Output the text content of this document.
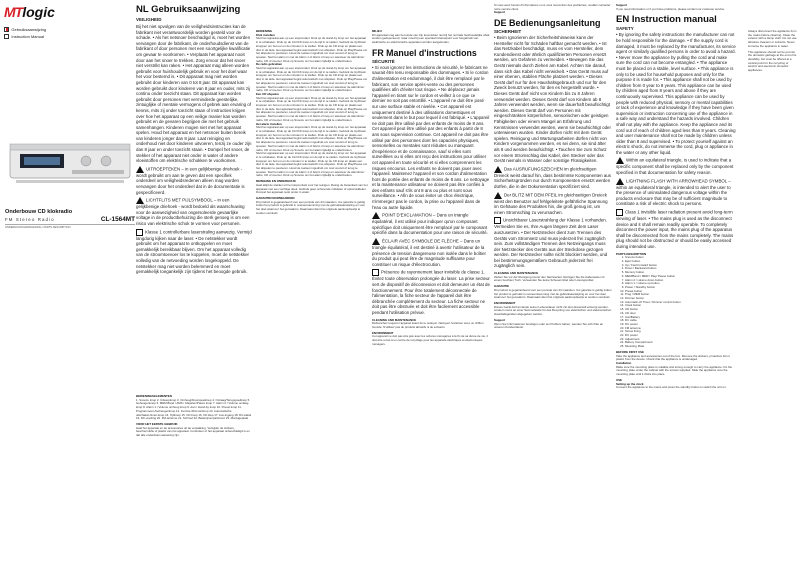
MTlogic
Gebruiksaanwijzing
Instruction Manual
Onderbouw CD klokradio
FM Stereo Radio	CL-1564MT
ONDERHOUDSHANDLEIDING / PARTS DESCRIPTION
NL Gebruiksaanwijzing
VEILIGHEID
Bij het niet opvolgen van de veiligheidsinstructies kan de fabrikant niet verantwoordelijk worden gesteld voor de schade. • Als het netsnoer beschadigd is, moet het worden vervangen door de fabrikant, de onderhoudsdienst van de fabrikant of door personen met een soortgelijke kwalificatie om gevaar te voorkomen. • Verplaats het apparaat nooit door aan het snoer te trekken. Zorg ervoor dat het snoer niet verstrikt kan raken. • Het apparaat mag alleen worden gebruikt voor huishoudelijk gebruik en voor het doel waar het voor bestemd is. • Dit apparaat mag niet worden gebruikt door kinderen van 0 tot 8 jaar. Dit apparaat kan worden gebruikt door kinderen van 8 jaar en ouder, mits zij continu onder toezicht staan. Dit apparaat kan worden gebruikt door personen met verminderde geestelijke, zintuiglijke of mentale vermogens of gebrek aan ervaring of kennis, mits zij onder toezicht staan of instructies krijgen over hoe het apparaat op een veilige manier kan worden gebruikt en de gevaren begrijpen die met het gebruik samenhangen. Kinderen mogen niet met het apparaat spelen. Houd het apparaat en het netsnoer buiten bereik van kinderen jonger dan 8 jaar. Laat reiniging en onderhoud niet door kinderen uitvoeren, tenzij ze ouder zijn dan 8 jaar en onder toezicht staan. • Dompel het snoer, de stekker of het apparaat niet onder in water of andere vloeistoffen om elektrische schokken te voorkomen.
UITROEPTEKEN – in een gelijkbenige driehoek - wordt gebruikt om aan te geven dat een specifiek onderdeel om veiligheidsredenen alleen mag worden vervangen door het onderdeel dat in de documentatie is gespecificeerd.
LICHTFLITS MET PIJLSYMBOOL – in een gelijkbenige driehoek - wordt bedoeld als waarschuwing voor de aanwezigheid van ongeïsoleerde gevaarlijke voltage in de productbehuizing die sterk genoeg is om een risico van elektrische schok te vormen voor personen.
Klasse 1 controllerbare laserstraling aanwezig. Vermijd langdurig kijken naar de laser. • De netstekker wordt gebruikt om het apparaat te ontkoppelen en moet gemakkelijk bereikbaar blijven. Om het apparaat volledig van de stroomtoevoer los te koppelen, moet de netstekker volledig van de netvoeding worden losgekoppeld. De netstekker mag niet worden belemmerd en moet gemakkelijk toegankelijk zijn tijdens het beoogde gebruik.
BEDIENINGSELEMENTEN
1. Snooze knop 2. Uitwerpknop 3. Omhoog/Doorspoelknop 4. Omlaag/Terugspoelknop 5. Geheugenknop 6. MEM Band / AMS / Afspelen/Pauze knop 7. Alarm 2 / Volume omlaag knop 8. Alarm 1 / Volume omhoog knop 9. Aan / stand-by knop 10. Preset knop 11. Programmeer-/Geheugenknop 12. Functie-/Dimmerknop 13. Automatische uitschakel-/timer-knop 14. Tijdknop 15. CD knop 16. CD klep 17. Aux-ingang 18. DC-kabel 19. DC-voeding 20. FM-antenne 21. Schroef 22. Batterijcompartiment 23. Montageplaat
VOOR HET EERSTE GEBRUIK
Haal het apparaat en de accessoires uit de verpakking. Verwijder de stickers, beschermfolie of plastic van het apparaat. Controleer of het apparaat onbeschadigd is en dat alle onderdelen aanwezig zijn.
BEDIENING
Klok instellen
Sluit het apparaat aan op een stopcontact. Druk op de stand-by knop om het apparaat in te schakelen. Druk op de CLOCK knop om de tijd in te stellen. Gebruik de Up/Down knoppen om het uur en de minuten in te stellen. Druk op de CD knop en plaats een disc in de lade. Het apparaat begint automatisch met afspelen. Druk op Play/Pause om het afspelen te pauzeren. Houd de toetsen ingedrukt om snel vooruit of terug te spoelen. Stel het alarm in met de Alarm 1 of Alarm 2 knop en selecteer de alarmbron: radio, CD of zoemer. Druk op Snooze om het alarm tijdelijk te onderbreken.
De radio gebruiken
Sluit het apparaat aan op een stopcontact. Druk op de stand-by knop om het apparaat in te schakelen. Druk op de CLOCK knop om de tijd in te stellen. Gebruik de Up/Down knoppen om het uur en de minuten in te stellen. Druk op de CD knop en plaats een disc in de lade. Het apparaat begint automatisch met afspelen. Druk op Play/Pause om het afspelen te pauzeren. Houd de toetsen ingedrukt om snel vooruit of terug te spoelen. Stel het alarm in met de Alarm 1 of Alarm 2 knop en selecteer de alarmbron: radio, CD of zoemer. Druk op Snooze om het alarm tijdelijk te onderbreken.
Een CD afspelen
Sluit het apparaat aan op een stopcontact. Druk op de stand-by knop om het apparaat in te schakelen. Druk op de CLOCK knop om de tijd in te stellen. Gebruik de Up/Down knoppen om het uur en de minuten in te stellen. Druk op de CD knop en plaats een disc in de lade. Het apparaat begint automatisch met afspelen. Druk op Play/Pause om het afspelen te pauzeren. Houd de toetsen ingedrukt om snel vooruit of terug te spoelen. Stel het alarm in met de Alarm 1 of Alarm 2 knop en selecteer de alarmbron: radio, CD of zoemer. Druk op Snooze om het alarm tijdelijk te onderbreken.
Het alarm instellen
Sluit het apparaat aan op een stopcontact. Druk op de stand-by knop om het apparaat in te schakelen. Druk op de CLOCK knop om de tijd in te stellen. Gebruik de Up/Down knoppen om het uur en de minuten in te stellen. Druk op de CD knop en plaats een disc in de lade. Het apparaat begint automatisch met afspelen. Druk op Play/Pause om het afspelen te pauzeren. Houd de toetsen ingedrukt om snel vooruit of terug te spoelen. Stel het alarm in met de Alarm 1 of Alarm 2 knop en selecteer de alarmbron: radio, CD of zoemer. Druk op Snooze om het alarm tijdelijk te onderbreken.
Sluit het apparaat aan op een stopcontact. Druk op de stand-by knop om het apparaat in te schakelen. Druk op de CLOCK knop om de tijd in te stellen. Gebruik de Up/Down knoppen om het uur en de minuten in te stellen. Druk op de CD knop en plaats een disc in de lade. Het apparaat begint automatisch met afspelen. Druk op Play/Pause om het afspelen te pauzeren. Houd de toetsen ingedrukt om snel vooruit of terug te spoelen. Stel het alarm in met de Alarm 1 of Alarm 2 knop en selecteer de alarmbron: radio, CD of zoemer. Druk op Snooze om het alarm tijdelijk te onderbreken.
REINIGING EN ONDERHOUD
Haal altijd de stekker uit het stopcontact voor het reinigen. Reinig de buitenkant van het apparaat met een vochtige doek. Gebruik geen schurende middelen of oplosmiddelen. Dompel het apparaat nooit onder in water.
GARANTIEVOORWAARDEN
Dit product is gegarandeerd voor een periode van 24 maanden. Uw garantie is geldig indien het product is gebruikt in overeenstemming met de gebruiksaanwijzing en voor het doel waarvoor het gemaakt is. Daarnaast dient het originele aankoopbewijs te worden verstrekt.
MILIEU
Dit apparaat mag aan het einde van zijn levensduur niet bij het normale huishoudelijke afval worden gedeponeerd, maar moet bij een speciaal inzamelpunt voor hergebruik van elektrische en elektronische apparaten worden aangeboden.
FR Manuel d'instructions
SÉCURITÉ
• Si vous ignorez les instructions de sécurité, le fabricant ne saurait être tenu responsable des dommages. • Si le cordon d'alimentation est endommagé, il doit être remplacé par le fabricant, son service après-vente ou des personnes qualifiées afin d'éviter tout risque. • Ne déplacez jamais l'appareil en tirant sur le cordon et veillez à ce que ce dernier ne soit pas entortillé. • L'appareil ne doit être posé sur une surface stable et nivelée. • Cet appareil est uniquement destiné à des utilisations domestiques et seulement dans le but pour lequel il est fabriqué. • L'appareil ne doit pas être utilisé par des enfants de moins de 8 ans. Cet appareil peut être utilisé par des enfants à partir de 8 ans sous supervision continue. Cet appareil ne doit pas être utilisé par des personnes dont les capacités physiques, sensorielles ou mentales sont réduites ou manquant d'expérience et de connaissance, sauf si elles sont surveillées ou si elles ont reçu des instructions pour utiliser cet appareil en toute sécurité et si elles comprennent les risques encourus. Les enfants ne doivent pas jouer avec l'appareil. Maintenez l'appareil et son cordon d'alimentation hors de portée des enfants de moins de 8 ans. Le nettoyage et la maintenance utilisateur ne doivent pas être confiés à des enfants sauf s'ils ont 8 ans ou plus et sont sous surveillance. • Afin de vous éviter un choc électrique, n'immergez pas le cordon, la prise ou l'appareil dans de l'eau ou autre liquide.
POINT D'EXCLAMATION – Dans un triangle équilatéral, il est utilisé pour indiquer qu'un composant spécifique doit uniquement être remplacé par le composant spécifié dans la documentation pour une raison de sécurité.
ÉCLAIR AVEC SYMBOLE DE FLÈCHE – Dans un triangle équilatéral, il est destiné à avertir l'utilisateur de la présence de tension dangereuse non isolée dans le boîtier du produit qui peut être de magnitude suffisante pour constituer un risque d'électrocution.
Présence de rayonnement laser invisible de classe 1. Évitez toute observation prolongée du laser. La prise secteur sert de dispositif de déconnexion et doit demeurer un état de fonctionnement. Pour être totalement déconnectée de l'alimentation, la fiche secteur de l'appareil doit être débranchée complètement du secteur. La fiche secteur ne doit pas être obstruée et doit être facilement accessible pendant l'utilisation prévue.
CLEANING AND MAINTENANCE
Débranchez toujours l'appareil avant de le nettoyer. Nettoyez l'extérieur avec un chiffon humide. N'utilisez pas de produits abrasifs ni de solvants.
ENVIRONMENT
Cet appareil ne doit pas être jeté avec les ordures ménagères à la fin de sa durée de vie, il doit être remis à un centre de recyclage pour les appareils électriques et électroniques ménagers.
Si vous avez besoin d'informations ou si vous rencontrez des problèmes, veuillez contacter notre service client.
Support
DE Bedienungsanleitung
SICHERHEIT
• Beim Ignorieren der Sicherheitshinweise kann der Hersteller nicht für Schäden haftbar gemacht werden. • Ist das Netzkabel beschädigt, muss es vom Hersteller, dem Kundendienst oder ähnlich qualifizierten Personen ersetzt werden, um Gefahren zu vermeiden. • Bewegen Sie das Gerät niemals durch Ziehen am Kabel. Achten Sie darauf, dass sich das Kabel nicht verwickelt. • Das Gerät muss auf einer ebenen, stabilen Fläche platziert werden. • Dieses Gerät darf nur für den Haushaltsgebrauch und nur für den Zweck benutzt werden, für den es hergestellt wurde. • Dieses Gerät darf nicht von Kindern bis zu 8 Jahren verwendet werden. Dieses Gerät darf von Kindern ab 8 Jahren verwendet werden, wenn sie dauerhaft beaufsichtigt werden. Dieses Gerät darf von Personen mit eingeschränkten körperlichen, sensorischen oder geistigen Fähigkeiten oder einem Mangel an Erfahrung und Kenntnissen verwendet werden, wenn sie beaufsichtigt oder unterwiesen wurden. Kinder dürfen nicht mit dem Gerät spielen. Reinigung und Wartungsarbeiten dürfen nicht von Kindern vorgenommen werden, es sei denn, sie sind älter als 8 und werden beaufsichtigt. • Tauchen Sie zum Schutz vor einem Stromschlag das Kabel, den Stecker oder das Gerät niemals in Wasser oder sonstige Flüssigkeiten.
Das AUSRUFUNGSZEICHEN im gleichseitigen Dreieck weist darauf hin, dass bestimmte Komponenten aus Sicherheitsgründen nur durch Komponenten ersetzt werden dürfen, die in der Dokumentation spezifiziert sind.
Der BLITZ MIT DEM PFEIL im gleichseitigen Dreieck weist den Benutzer auf fehlgeleitete gefährliche Spannung im Gehäuse des Produktes hin, die groß genug ist, um einen Stromschlag zu verursachen.
Unsichtbarer Laserstrahlung der Klasse 1 vorhanden. Vermeiden Sie es, Ihre Augen längere Zeit dem Laser auszusetzen. • Der Netzstecker dient zum Trennen des Geräts vom Stromnetz und muss jederzeit frei zugänglich sein. Zum vollständigen Trennen des Netzeingangs muss der Netzstecker des Geräts aus der Steckdose gezogen werden. Der Netzstecker sollte nicht blockiert werden, und bei bestimmungsgemäßem Gebrauch jederzeit frei zugänglich sein.
CLEANING AND MAINTENANCE
Ziehen Sie vor der Reinigung immer den Netzstecker. Reinigen Sie die Außenseite mit einem feuchten Tuch. Verwenden Sie keine Scheuermittel oder Lösungsmittel.
GARANTIE
Dit product is gegarandeerd voor een periode van 24 maanden. Uw garantie is geldig indien het product is gebruikt in overeenstemming met de gebruiksaanwijzing en voor het doel waarvoor het gemaakt is. Daarnaast dient het originele aankoopbewijs te worden verstrekt.
ENVIRONMENT
Dieses Gerät darf am Ende seiner Lebensdauer nicht mit dem Hausmüll entsorgt werden, sondern muss an einer Sammelstelle für das Recycling von elektrischen und elektronischen Haushaltsgeräten abgegeben werden.
Support
Wenn Sie Informationen benötigen oder ein Problem haben, wenden Sie sich bitte an unseren Kundendienst.
Support
If you need information or if you have problems, please contact our customer service.
EN Instruction manual
SAFETY
• By ignoring the safety instructions the manufacturer can not be hold responsible for the damage. • If the supply cord is damaged, it must be replaced by the manufacturer, its service agent or similarly qualified persons in order to avoid a hazard. • Never move the appliance by pulling the cord and make sure the cord can not become entangled. • The appliance must be placed on a stable, level surface. • This appliance is only to be used for household purposes and only for the purpose it is made for. • This appliance shall not be used by children from 0 year to 8 years. This appliance can be used by children aged from 8 years and above if they are continuously supervised. This appliance can be used by people with reduced physical, sensory or mental capabilities or lack of experience and knowledge if they have been given supervision or instruction concerning use of the appliance in a safe way and understand the hazards involved. Children shall not play with the appliance. Keep the appliance and its cord out of reach of children aged less than 8 years. Cleaning and user maintenance shall not be made by children unless older than 8 and supervised. • To protect yourself against an electric shock, do not immerse the cord, plug or appliance in the water or any other liquid.
Within an equilateral triangle, is used to indicate that a specific component shall be replaced only by the component specified in that documentation for safety reason.
LIGHTNING FLASH WITH ARROWHEAD SYMBOL – within an equilateral triangle, is intended to alert the user to the presence of uninsulated dangerous voltage within the products enclosure that may be of sufficient magnitude to constitute a risk of electric shock to persons.
Class 1 invisible laser radiation present avoid long-term viewing of laser. • The mains plug is used as the disconnect device and it shall remain readily operable. To completely disconnect the power input, the mains plug of the apparatus shall be disconnected from the mains completely. The mains plug should not be obstructed or should be easily accessed during intended use.
PARTS DESCRIPTION
1. Snooze button
2. Eject button
3. Up / Fast Forward button
4. Down / Backward button
5. Memory button
6. MEM/Band / MEM / Play/ Pause button
7. Alarm 2 / volume down button
8. Alarm 1 / volume up button
9. Power / Standby button
10. Preset button
11. Prog / MEM button
12. Dimmer button
13. Automatic off Timer / Dimmer control button
14. Clock button
15. CD button
16. CD door
17. Aux/Battery
18. DC cable
19. DC power
20. FM antenna
21. Screw fixing
22. DC power
23. Adjustment
24. Battery Compartment
25. Mounting Plate
BEFORE FIRST USE
Take the appliance and accessories out of the box. Remove the stickers, protective foil or plastic from the device. Check that the appliance is undamaged.
Installation
Make sure the mounting place is suitable and strong enough to carry the appliance. Fix the mounting plate under the cabinet with the screws supplied. Slide the appliance onto the mounting plate until it clicks into place.
USE
Setting up the clock
Connect the appliance to the mains and press the standby button to switch the unit on.
Always disconnect the appliance from the mains before cleaning. Clean the exterior with a damp cloth. Do not use abrasive cleaners or solvents. Never immerse the appliance in water.
This appliance should not be put into the domestic garbage at the end of its durability, but must be offered at a central point for the recycling of electric and electronic domestic appliances.
